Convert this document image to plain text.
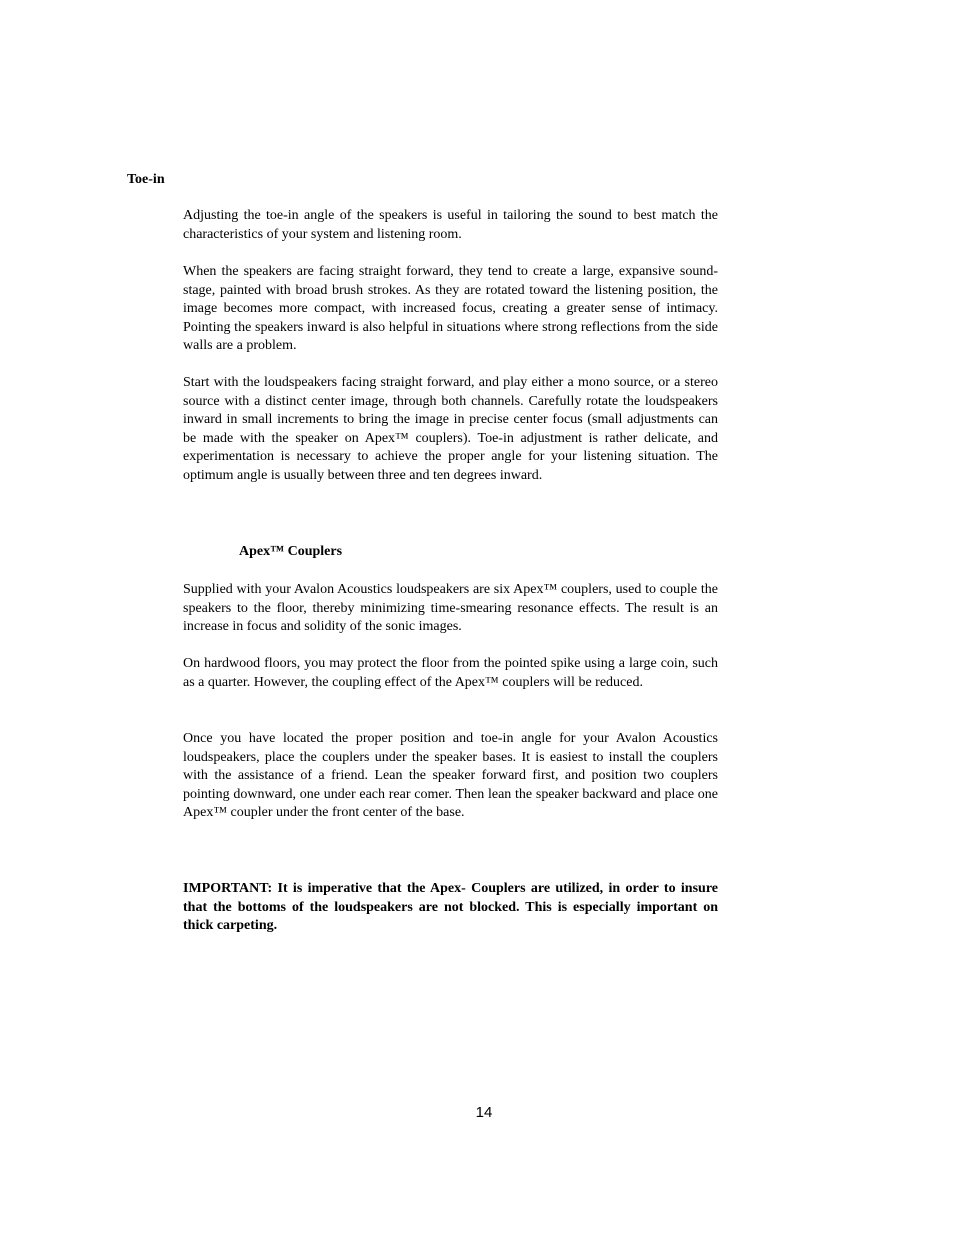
Toe-in

Adjusting the toe-in angle of the speakers is useful in tailoring the sound to best match the characteristics of your system and listening room.

When the speakers are facing straight forward, they tend to create a large, expansive sound-stage, painted with broad brush strokes. As they are rotated toward the listening position, the image becomes more compact, with increased focus, creating a greater sense of intimacy. Pointing the speakers inward is also helpful in situations where strong reflections from the side walls are a problem.

Start with the loudspeakers facing straight forward, and play either a mono source, or a stereo source with a distinct center image, through both channels. Carefully rotate the loudspeakers inward in small increments to bring the image in precise center focus (small adjustments can be made with the speaker on Apex™ couplers). Toe-in adjustment is rather delicate, and experimentation is necessary to achieve the proper angle for your listening situation. The optimum angle is usually between three and ten degrees inward.

Apex™ Couplers

Supplied with your Avalon Acoustics loudspeakers are six Apex™ couplers, used to couple the speakers to the floor, thereby minimizing time-smearing resonance effects. The result is an increase in focus and solidity of the sonic images.

On hardwood floors, you may protect the floor from the pointed spike using a large coin, such as a quarter. However, the coupling effect of the Apex™ couplers will be reduced.

Once you have located the proper position and toe-in angle for your Avalon Acoustics loudspeakers, place the couplers under the speaker bases. It is easiest to install the couplers with the assistance of a friend. Lean the speaker forward first, and position two couplers pointing downward, one under each rear comer. Then lean the speaker backward and place one Apex™ coupler under the front center of the base.

IMPORTANT: It is imperative that the Apex- Couplers are utilized, in order to insure that the bottoms of the loudspeakers are not blocked. This is especially important on thick carpeting.

14
